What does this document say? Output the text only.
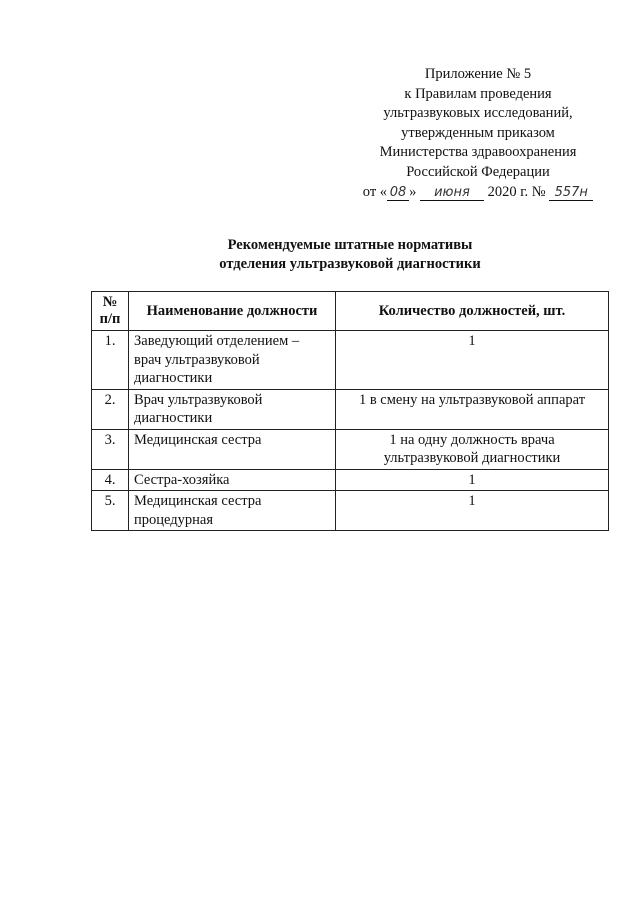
Приложение № 5
к Правилам проведения
ультразвуковых исследований,
утвержденным приказом
Министерства здравоохранения
Российской Федерации
от « 08 » июня 2020 г. № 557н
Рекомендуемые штатные нормативы
отделения ультразвуковой диагностики
№
п/п	Наименование должности	Количество должностей, шт.
1.	Заведующий отделением – врач ультразвуковой диагностики	1
2.	Врач ультразвуковой диагностики	1 в смену на ультразвуковой аппарат
3.	Медицинская сестра	1 на одну должность врача ультразвуковой диагностики
4.	Сестра-хозяйка	1
5.	Медицинская сестра процедурная	1
